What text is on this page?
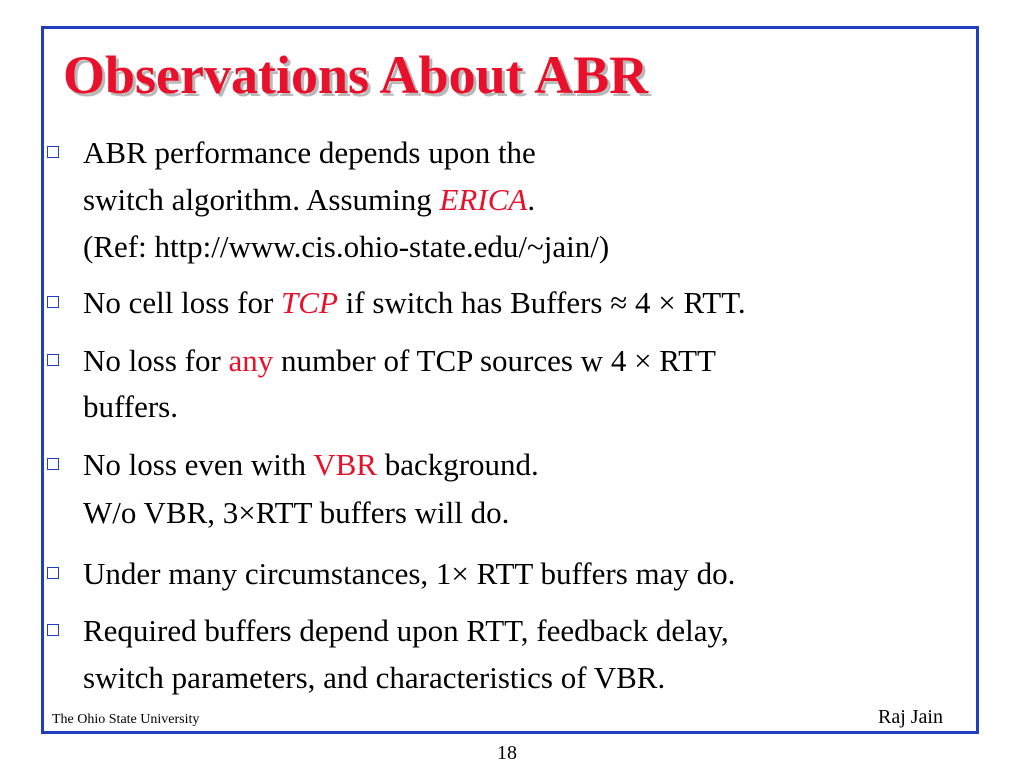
Observations About ABR
ABR performance depends upon the
switch algorithm. Assuming ERICA.
(Ref: http://www.cis.ohio-state.edu/~jain/)
No cell loss for TCP if switch has Buffers ≈ 4 × RTT.
No loss for any number of TCP sources w 4 × RTT
buffers.
No loss even with VBR background.
W/o VBR, 3×RTT buffers will do.
Under many circumstances, 1× RTT buffers may do.
Required buffers depend upon RTT, feedback delay,
switch parameters, and characteristics of VBR.
The Ohio State University	Raj Jain
18
